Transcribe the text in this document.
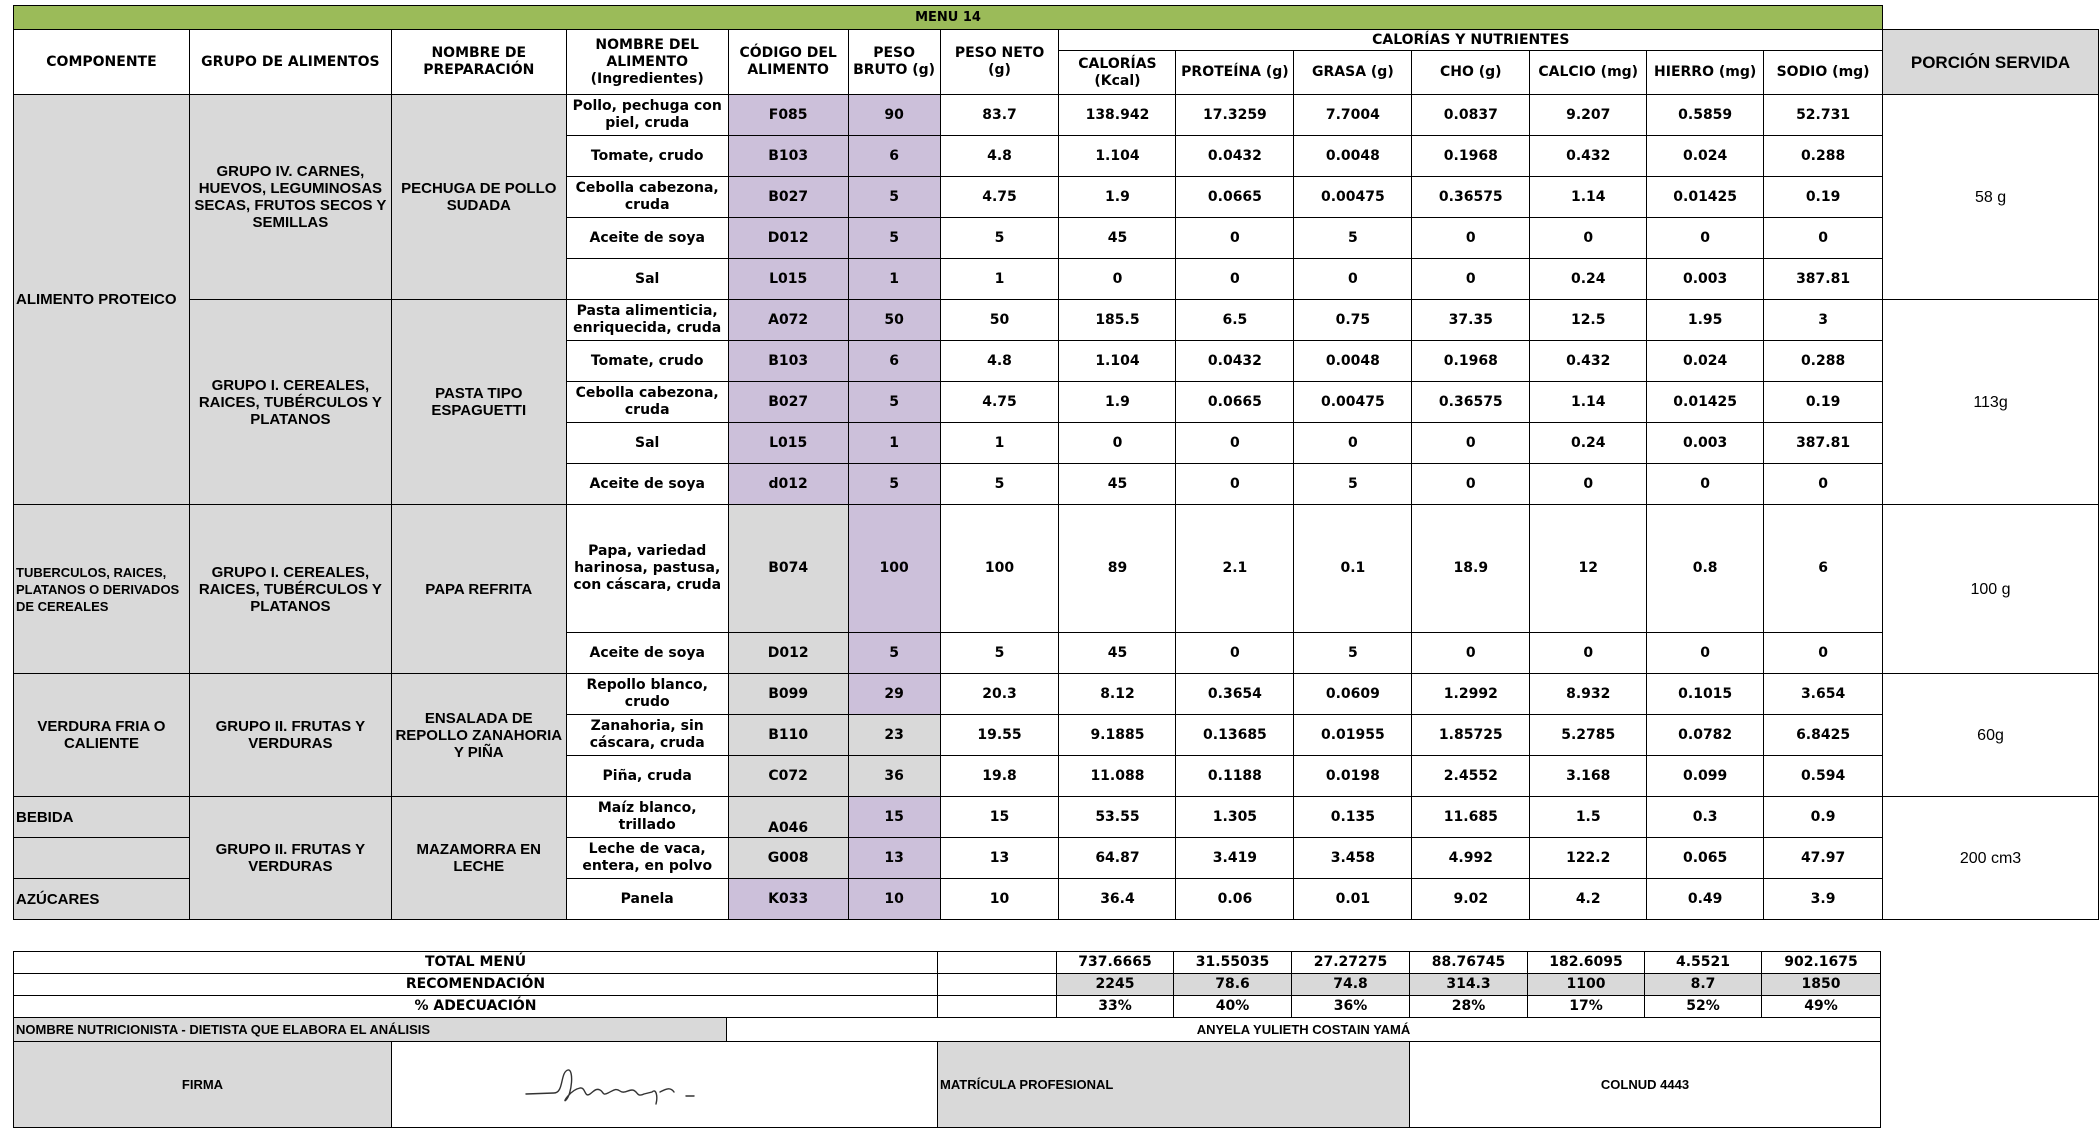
MENU 14														
COMPONENTE	GRUPO DE ALIMENTOS	NOMBRE DE PREPARACIÓN	NOMBRE DEL ALIMENTO (Ingredientes)	CÓDIGO DEL ALIMENTO	PESO BRUTO (g)	PESO NETO (g)	CALORÍAS Y NUTRIENTES							PORCIÓN SERVIDA
							CALORÍAS (Kcal)	PROTEÍNA (g)	GRASA (g)	CHO (g)	CALCIO (mg)	HIERRO (mg)	SODIO (mg)	
ALIMENTO PROTEICO	GRUPO IV. CARNES, HUEVOS, LEGUMINOSAS SECAS, FRUTOS SECOS Y SEMILLAS	PECHUGA DE POLLO SUDADA	Pollo, pechuga con piel, cruda	F085	90	83.7	138.942	17.3259	7.7004	0.0837	9.207	0.5859	52.731	58 g
			Tomate, crudo	B103	6	4.8	1.104	0.0432	0.0048	0.1968	0.432	0.024	0.288	
			Cebolla cabezona, cruda	B027	5	4.75	1.9	0.0665	0.00475	0.36575	1.14	0.01425	0.19	
			Aceite de soya	D012	5	5	45	0	5	0	0	0	0	
			Sal	L015	1	1	0	0	0	0	0.24	0.003	387.81	
	GRUPO I. CEREALES, RAICES, TUBÉRCULOS Y PLATANOS	PASTA TIPO ESPAGUETTI	Pasta alimenticia, enriquecida, cruda	A072	50	50	185.5	6.5	0.75	37.35	12.5	1.95	3	113g
			Tomate, crudo	B103	6	4.8	1.104	0.0432	0.0048	0.1968	0.432	0.024	0.288	
			Cebolla cabezona, cruda	B027	5	4.75	1.9	0.0665	0.00475	0.36575	1.14	0.01425	0.19	
			Sal	L015	1	1	0	0	0	0	0.24	0.003	387.81	
			Aceite de soya	d012	5	5	45	0	5	0	0	0	0	
TUBERCULOS, RAICES, PLATANOS O DERIVADOS DE CEREALES	GRUPO I. CEREALES, RAICES, TUBÉRCULOS Y PLATANOS	PAPA REFRITA	Papa, variedad harinosa, pastusa, con cáscara, cruda	B074	100	100	89	2.1	0.1	18.9	12	0.8	6	100 g
			Aceite de soya	D012	5	5	45	0	5	0	0	0	0	
VERDURA FRIA O CALIENTE	GRUPO II. FRUTAS Y VERDURAS	ENSALADA DE REPOLLO ZANAHORIA Y PIÑA	Repollo blanco, crudo	B099	29	20.3	8.12	0.3654	0.0609	1.2992	8.932	0.1015	3.654	60g
			Zanahoria, sin cáscara, cruda	B110	23	19.55	9.1885	0.13685	0.01955	1.85725	5.2785	0.0782	6.8425	
			Piña, cruda	C072	36	19.8	11.088	0.1188	0.0198	2.4552	3.168	0.099	0.594	
BEBIDA	GRUPO II. FRUTAS Y VERDURAS	MAZAMORRA EN LECHE	Maíz blanco, trillado	A046	15	15	53.55	1.305	0.135	11.685	1.5	0.3	0.9	200 cm3
			Leche de vaca, entera, en polvo	G008	13	13	64.87	3.419	3.458	4.992	122.2	0.065	47.97	
AZÚCARES			Panela	K033	10	10	36.4	0.06	0.01	9.02	4.2	0.49	3.9	
TOTAL MENÚ				737.6665	31.55035	27.27275	88.76745	182.6095	4.5521	902.1675
RECOMENDACIÓN				2245	78.6	74.8	314.3	1100	8.7	1850
% ADECUACIÓN				33%	40%	36%	28%	17%	52%	49%
NOMBRE NUTRICIONISTA - DIETISTA QUE ELABORA EL ANÁLISIS		ANYELA YULIETH COSTAIN YAMÁ								
FIRMA			MATRÍCULA PROFESIONAL				COLNUD 4443			
